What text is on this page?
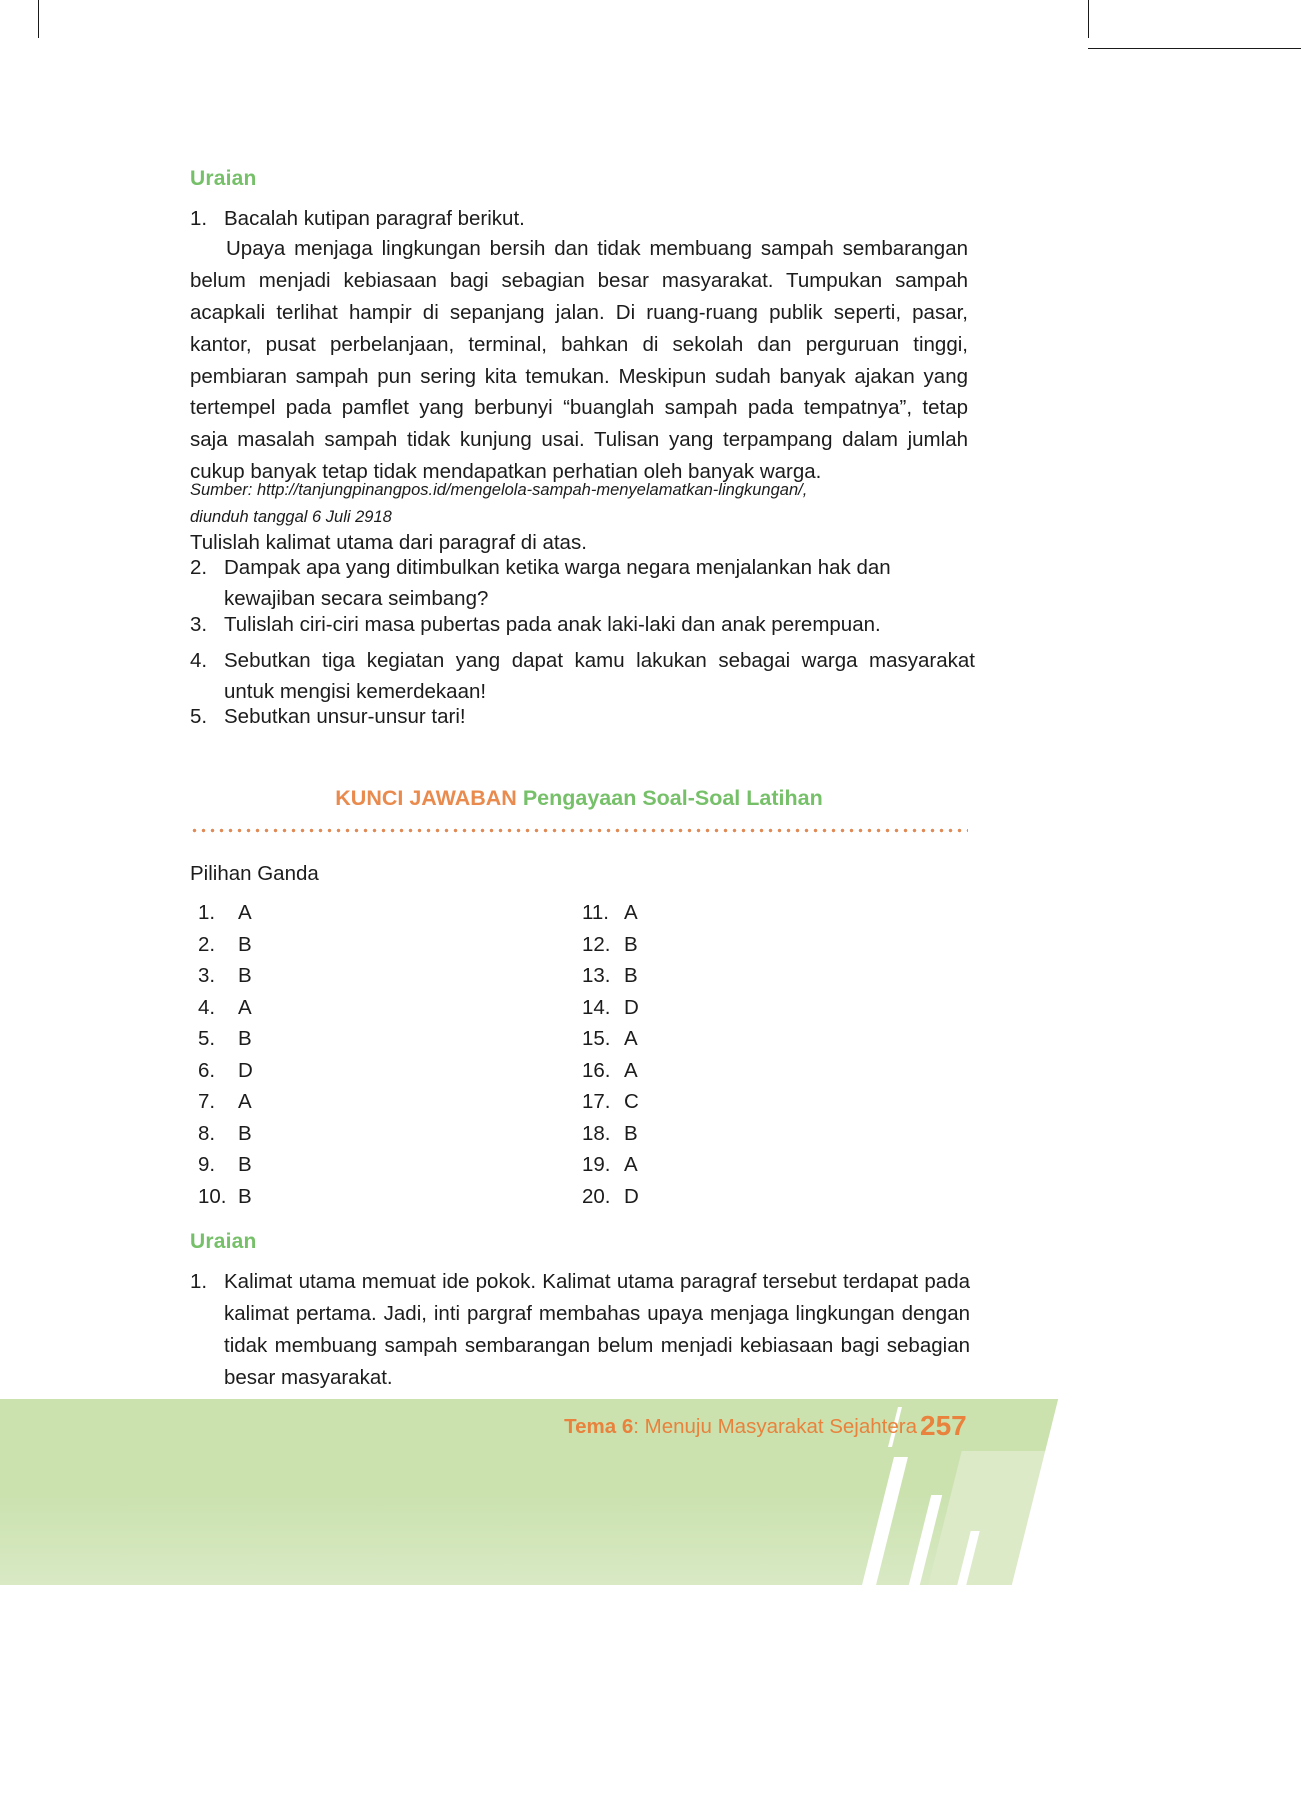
Uraian
1. Bacalah kutipan paragraf berikut.
Upaya menjaga lingkungan bersih dan tidak membuang sampah sembarangan belum menjadi kebiasaan bagi sebagian besar masyarakat. Tumpukan sampah acapkali terlihat hampir di sepanjang jalan. Di ruang-ruang publik seperti, pasar, kantor, pusat perbelanjaan, terminal, bahkan di sekolah dan perguruan tinggi, pembiaran sampah pun sering kita temukan. Meskipun sudah banyak ajakan yang tertempel pada pamflet yang berbunyi “buanglah sampah pada tempatnya”, tetap saja masalah sampah tidak kunjung usai. Tulisan yang terpampang dalam jumlah cukup banyak tetap tidak mendapatkan perhatian oleh banyak warga.
Sumber: http://tanjungpinangpos.id/mengelola-sampah-menyelamatkan-lingkungan/,
diunduh tanggal 6 Juli 2918
Tulislah kalimat utama dari paragraf di atas.
2. Dampak apa yang ditimbulkan ketika warga negara menjalankan hak dan kewajiban secara seimbang?
3. Tulislah ciri-ciri masa pubertas pada anak laki-laki dan anak perempuan.
4. Sebutkan tiga kegiatan yang dapat kamu lakukan sebagai warga masyarakat untuk mengisi kemerdekaan!
5. Sebutkan unsur-unsur tari!
KUNCI JAWABAN Pengayaan Soal-Soal Latihan
Pilihan Ganda
1.	A
2.	B
3.	B
4.	A
5.	B
6.	D
7.	A
8.	B
9.	B
10. B
11. A
12. B
13. B
14. D
15. A
16. A
17. C
18. B
19. A
20. D
Uraian
1. Kalimat utama memuat ide pokok. Kalimat utama paragraf tersebut terdapat pada kalimat pertama. Jadi, inti pargraf membahas upaya menjaga lingkungan dengan tidak membuang sampah sembarangan belum menjadi kebiasaan bagi sebagian besar masyarakat.
Tema 6: Menuju Masyarakat Sejahtera 257
